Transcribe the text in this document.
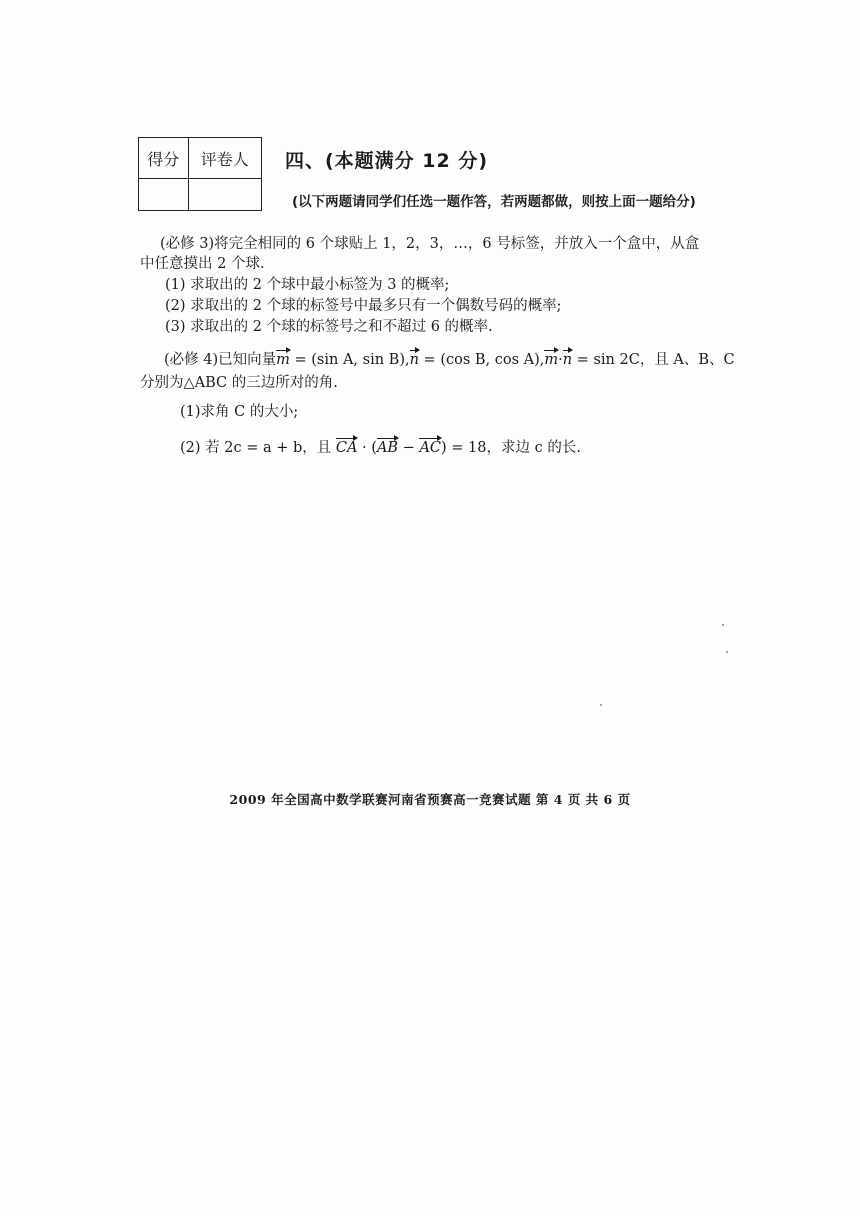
得分	评卷人
	四、(本题满分 12 分)
(以下两题请同学们任选一题作答，若两题都做，则按上面一题给分)
(必修 3)将完全相同的 6 个球贴上 1，2，3，…，6 号标签，并放入一个盒中，从盒
中任意摸出 2 个球.
(1) 求取出的 2 个球中最小标签为 3 的概率;
(2) 求取出的 2 个球的标签号中最多只有一个偶数号码的概率;
(3) 求取出的 2 个球的标签号之和不超过 6 的概率.
(必修 4)已知向量m = (sin A, sin B),n = (cos B, cos A),m·n = sin 2C，且 A、B、C
分别为△ABC 的三边所对的角.
(1)求角 C 的大小;
(2) 若 2c = a + b，且 CA · (AB − AC) = 18，求边 c 的长.
2009 年全国高中数学联赛河南省预赛高一竞赛试题 第 4 页 共 6 页
